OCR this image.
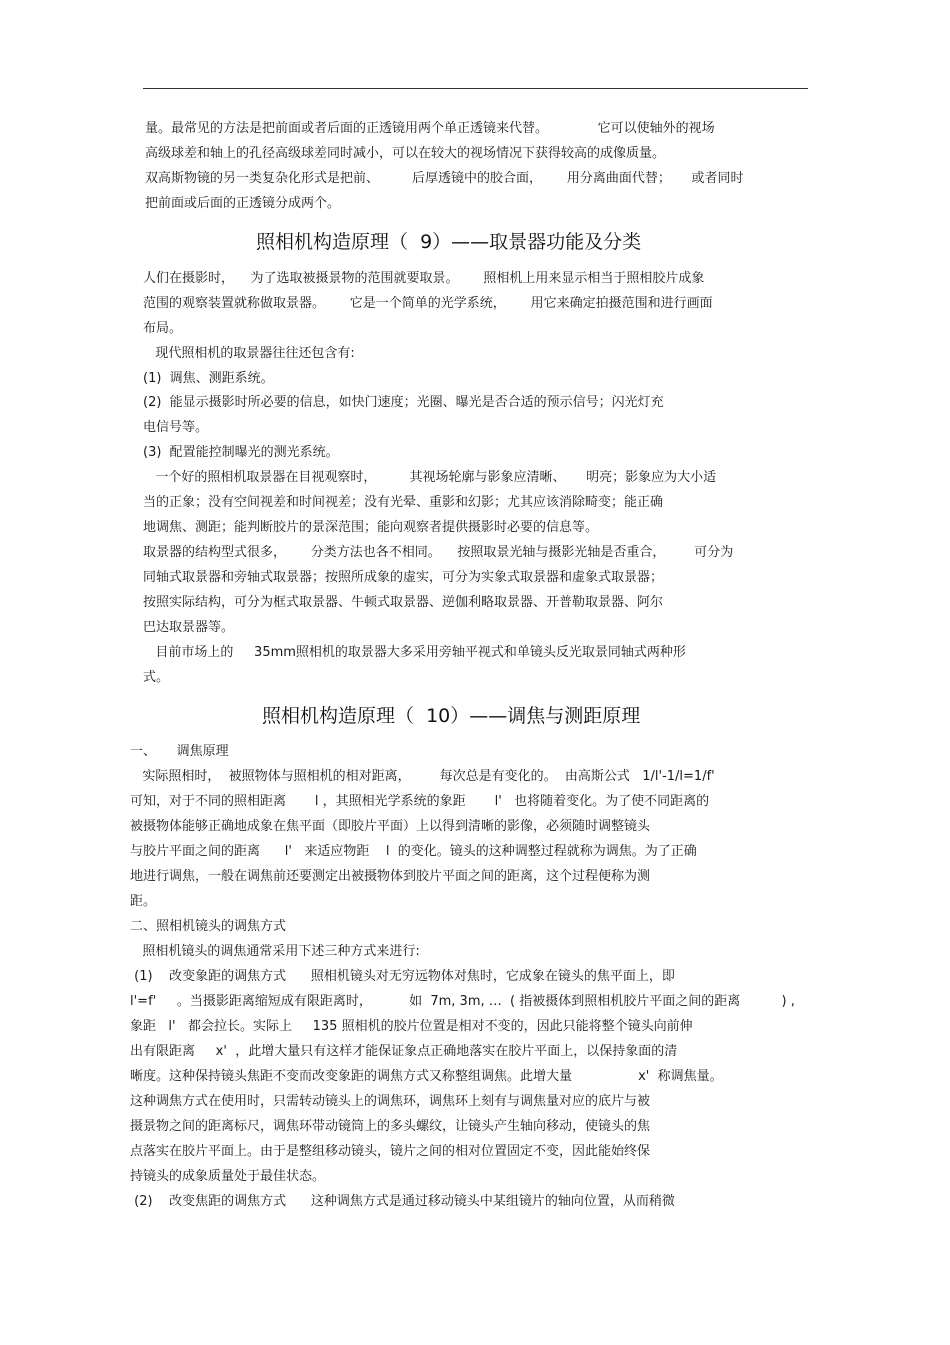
量。最常见的方法是把前面或者后面的正透镜用两个单正透镜来代替。            它可以使轴外的视场
高级球差和轴上的孔径高级球差同时减小，可以在较大的视场情况下获得较高的成像质量。
双高斯物镜的另一类复杂化形式是把前、        后厚透镜中的胶合面，      用分离曲面代替；     或者同时
把前面或后面的正透镜分成两个。
照相机构造原理（  9）——取景器功能及分类
人们在摄影时，    为了选取被摄景物的范围就要取景。      照相机上用来显示相当于照相胶片成象
范围的观察装置就称做取景器。      它是一个简单的光学系统，      用它来确定拍摄范围和进行画面
布局。
现代照相机的取景器往往还包含有:
(1)  调焦、测距系统。
(2)  能显示摄影时所必要的信息，如快门速度；光圈、曝光是否合适的预示信号；闪光灯充
电信号等。
(3)  配置能控制曝光的测光系统。
一个好的照相机取景器在目视观察时，        其视场轮廓与影象应清晰、     明亮；影象应为大小适
当的正象；没有空间视差和时间视差；没有光晕、重影和幻影；尤其应该消除畸变；能正确
地调焦、测距；能判断胶片的景深范围；能向观察者提供摄影时必要的信息等。
取景器的结构型式很多，      分类方法也各不相同。    按照取景光轴与摄影光轴是否重合，       可分为
同轴式取景器和旁轴式取景器；按照所成象的虚实，可分为实象式取景器和虚象式取景器；
按照实际结构，可分为框式取景器、牛顿式取景器、逆伽利略取景器、开普勒取景器、阿尔
巴达取景器等。
目前市场上的     35mm照相机的取景器大多采用旁轴平视式和单镜头反光取景同轴式两种形
式。
照相机构造原理（  10）——调焦与测距原理
一、     调焦原理
实际照相时，  被照物体与照相机的相对距离，       每次总是有变化的。  由高斯公式   1/l'-1/l=1/f'
可知，对于不同的照相距离       l ，其照相光学系统的象距       l'   也将随着变化。为了使不同距离的
被摄物体能够正确地成象在焦平面（即胶片平面）上以得到清晰的影像，必须随时调整镜头
与胶片平面之间的距离      l'   来适应物距    l  的变化。镜头的这种调整过程就称为调焦。为了正确
地进行调焦，一般在调焦前还要测定出被摄物体到胶片平面之间的距离，这个过程便称为测
距。
二、照相机镜头的调焦方式
照相机镜头的调焦通常采用下述三种方式来进行:
(1)    改变象距的调焦方式      照相机镜头对无穷远物体对焦时，它成象在镜头的焦平面上，即
l'=f'     。当摄影距离缩短成有限距离时，         如  7m, 3m, …  ( 指被摄体到照相机胶片平面之间的距离          ) ,
象距   l'   都会拉长。实际上     135 照相机的胶片位置是相对不变的，因此只能将整个镜头向前伸
出有限距离     x'  ，此增大量只有这样才能保证象点正确地落实在胶片平面上，以保持象面的清
晰度。这种保持镜头焦距不变而改变象距的调焦方式又称整组调焦。此增大量                x'  称调焦量。
这种调焦方式在使用时，只需转动镜头上的调焦环，调焦环上刻有与调焦量对应的底片与被
摄景物之间的距离标尺，调焦环带动镜筒上的多头螺纹，让镜头产生轴向移动，使镜头的焦
点落实在胶片平面上。由于是整组移动镜头，镜片之间的相对位置固定不变，因此能始终保
持镜头的成象质量处于最佳状态。
(2)    改变焦距的调焦方式      这种调焦方式是通过移动镜头中某组镜片的轴向位置，从而稍微
